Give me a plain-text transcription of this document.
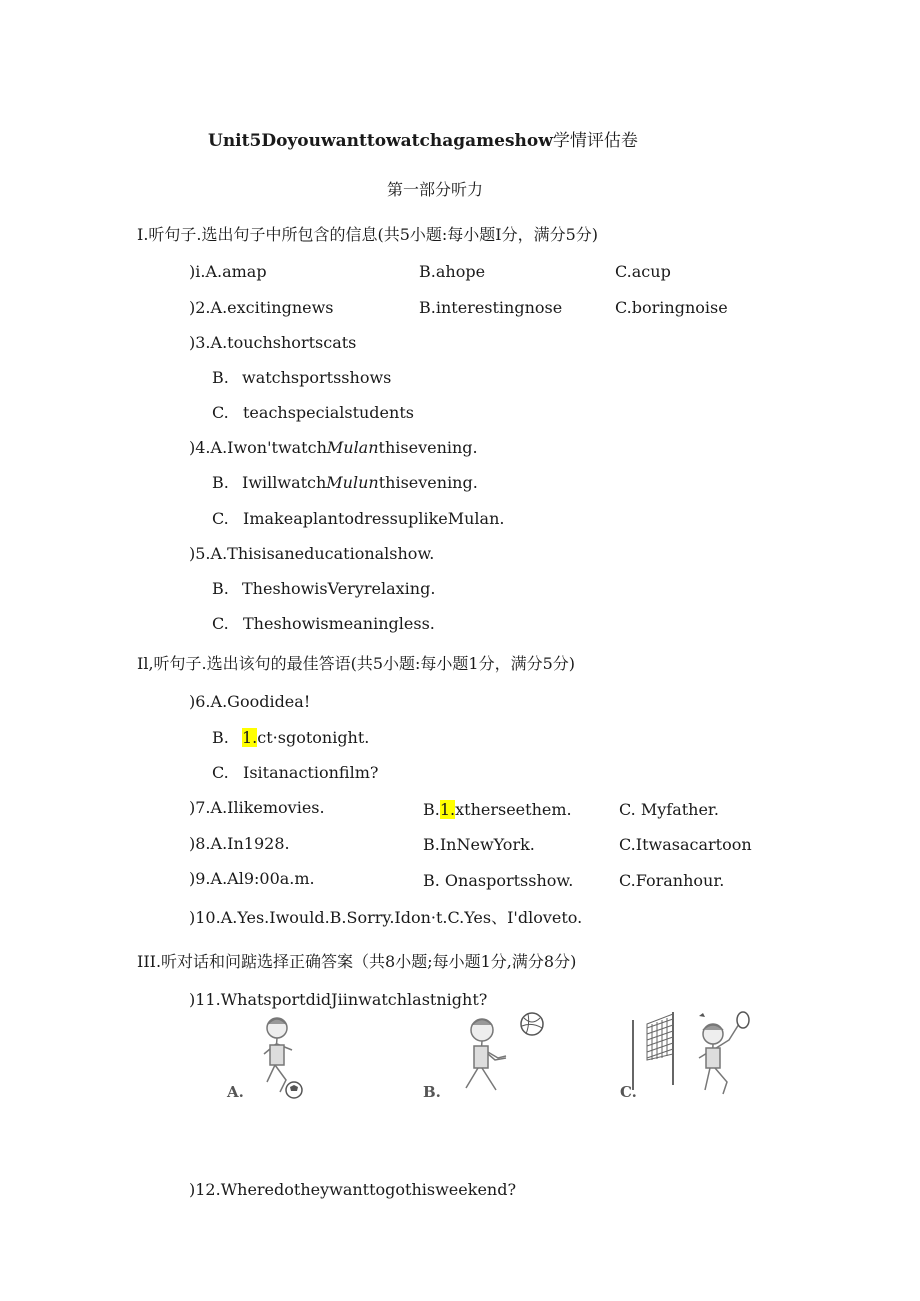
Unit5Doyouwanttowatchagameshow学情评估卷
第一部分听力
I.听句子.选出句子中所包含的信息(共5小题:每小题I分，满分5分)
)i.A.amap	B.ahope	C.acup
)2.A.excitingnews	B.interestingnose	C.boringnoise
)3.A.touchshortscats
B. watchsportsshows
C. teachspecialstudents
)4.A.Iwon'twatchMulanthisevening.
B. IwillwatchMulunthisevening.
C. ImakeaplantodressuplikeMulan.
)5.A.Thisisaneducationalshow.
B. TheshowisVeryrelaxing.
C. Theshowismeaningless.
Il,听句子.选出该句的最佳答语(共5小题:每小题1分，满分5分)
)6.A.Goodidea!
B. 1.ct·sgotonight.
C. Isitanactionfilm?
)7.A.Ilikemovies.	B.1.xtherseethem.	C. Myfather.
)8.A.In1928.	B.InNewYork.	C.Itwasacartoon
)9.A.Al9:00a.m.	B. Onasportsshow.	C.Foranhour.
)10.A.Yes.Iwould.B.Sorry.Idon·t.C.Yes、I'dloveto.
III.听对话和问踮选择正确答案（共8小题;每小题1分,满分8分)
)11.WhatsportdidJiinwatchlastnight?
A.	B.	C.
)12.Wheredotheywanttogothisweekend?
